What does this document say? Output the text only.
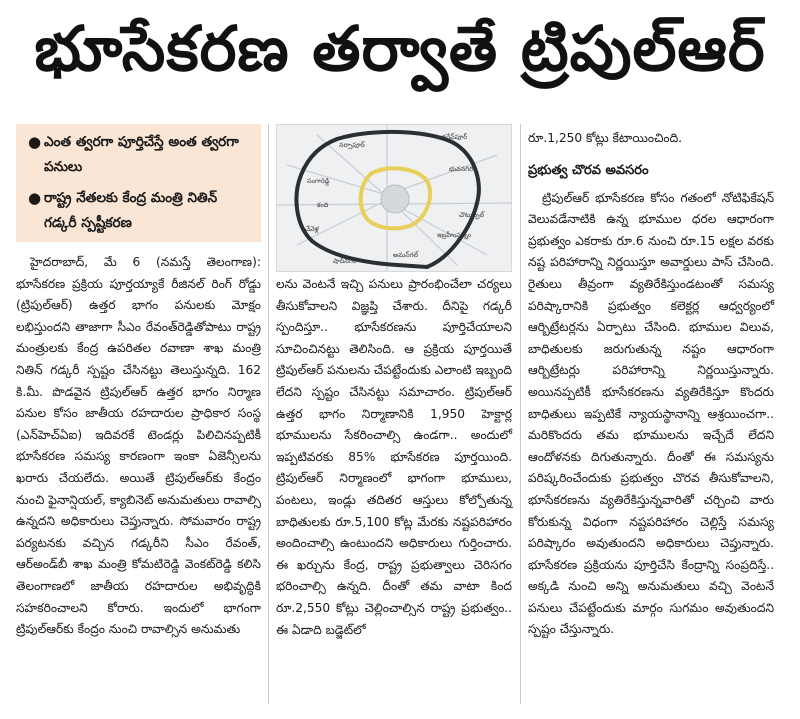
భూసేకరణ తర్వాతే ట్రిపుల్‌ఆర్‌
● ఎంత త్వరగా పూర్తిచేస్తే అంత త్వరగా పనులు
● రాష్ట్ర నేతలకు కేంద్ర మంత్రి నితిన్‌ గడ్కరీ స్పష్టీకరణ
నర్సాపూర్‌
జగదేవ్‌పూర్‌
భువనగిరి
చౌటుప్పల్‌
ఇబ్రహీంపట్నం
సంగారెడ్డి
చేవెళ్ల
కంది
షాద్‌నగర్‌
అమన్‌గల్‌

హైదరాబాద్‌, మే 6 (నమస్తే తెలంగాణ): భూసేకరణ ప్రక్రియ పూర్తయ్యాకే రీజినల్‌ రింగ్‌ రోడ్డు (ట్రిపుల్‌ఆర్‌) ఉత్తర భాగం పనులకు మోక్షం లభిస్తుందని తాజాగా సీఎం రేవంత్‌రెడ్డితోపాటు రాష్ట్ర మంత్రులకు కేంద్ర ఉపరితల రవాణా శాఖ మంత్రి నితిన్‌ గడ్కరీ స్పష్టం చేసినట్టు తెలుస్తున్నది. 162 కి.మీ. పొడవైన ట్రిపుల్‌ఆర్‌ ఉత్తర భాగం నిర్మాణ పనుల కోసం జాతీయ రహదారుల ప్రాధికార సంస్థ (ఎన్‌హెచ్‌ఏఐ) ఇదివరకే టెండర్లు పిలిచినప్పటికీ భూసేకరణ సమస్య కారణంగా ఇంకా ఏజెన్సీలను ఖరారు చేయలేదు. అయితే ట్రిపుల్‌ఆర్‌కు కేంద్రం నుంచి ఫైనాన్షియల్‌, క్యాబినెట్‌ అనుమతులు రావాల్సి ఉన్నదని అధికారులు చెప్తున్నారు. సోమవారం రాష్ట్ర పర్యటనకు వచ్చిన గడ్కరీని సీఎం రేవంత్‌, ఆర్‌అండ్‌బీ శాఖ మంత్రి కోమటిరెడ్డి వెంకట్‌రెడ్డి కలిసి తెలంగాణలో జాతీయ రహదారుల అభివృద్ధికి సహకరించాలని కోరారు. ఇందులో భాగంగా ట్రిపుల్‌ఆర్‌కు కేంద్రం నుంచి రావాల్సిన అనుమతు

లను వెంటనే ఇచ్చి పనులు ప్రారంభించేలా చర్యలు తీసుకోవాలని విజ్ఞప్తి చేశారు. దీనిపై గడ్కరీ స్పందిస్తూ.. భూసేకరణను పూర్తిచేయాలని సూచించినట్టు తెలిసింది. ఆ ప్రక్రియ పూర్తయితే ట్రిపుల్‌ఆర్‌ పనులను చేపట్టేందుకు ఎలాంటి ఇబ్బంది లేదని స్పష్టం చేసినట్టు సమాచారం. ట్రిపుల్‌ఆర్‌ ఉత్తర భాగం నిర్మాణానికి 1,950 హెక్టార్ల భూములను సేకరించాల్సి ఉండగా.. అందులో ఇప్పటివరకు 85% భూసేకరణ పూర్తయింది. ట్రిపుల్‌ఆర్‌ నిర్మాణంలో భాగంగా భూములు, పంటలు, ఇండ్లు తదితర ఆస్తులు కోల్పోతున్న బాధితులకు రూ.5,100 కోట్ల మేరకు నష్టపరిహారం అందించాల్సి ఉంటుందని అధికారులు గుర్తించారు. ఈ ఖర్చును కేంద్ర, రాష్ట్ర ప్రభుత్వాలు చెరిసగం భరించాల్సి ఉన్నది. దీంతో తమ వాటా కింద రూ.2,550 కోట్లు చెల్లించాల్సిన రాష్ట్ర ప్రభుత్వం.. ఈ ఏడాది బడ్జెట్‌లో

రూ.1,250 కోట్లు కేటాయించింది.

ప్రభుత్వ చొరవ అవసరం

ట్రిపుల్‌ఆర్‌ భూసేకరణ కోసం గతంలో నోటిఫికేషన్‌ వెలువడేనాటికి ఉన్న భూముల ధరల ఆధారంగా ప్రభుత్వం ఎకరాకు రూ.6 నుంచి రూ.15 లక్షల వరకు నష్ట పరిహారాన్ని నిర్ణయిస్తూ అవార్డులు పాస్‌ చేసింది. రైతులు తీవ్రంగా వ్యతిరేకిస్తుండటంతో సమస్య పరిష్కారానికి ప్రభుత్వం కలెక్టర్ల ఆధ్వర్యంలో ఆర్బిట్రేటర్లను ఏర్పాటు చేసింది. భూముల విలువ, బాధితులకు జరుగుతున్న నష్టం ఆధారంగా ఆర్బిట్రేటర్లు పరిహారాన్ని నిర్ణయిస్తున్నారు. అయినప్పటికీ భూసేకరణను వ్యతిరేకిస్తూ కొందరు బాధితులు ఇప్పటికే న్యాయస్థానాన్ని ఆశ్రయించగా.. మరికొందరు తమ భూములను ఇచ్చేదే లేదని ఆందోళనకు దిగుతున్నారు. దీంతో ఈ సమస్యను పరిష్కరించేందుకు ప్రభుత్వం చొరవ తీసుకోవాలని, భూసేకరణను వ్యతిరేకిస్తున్నవారితో చర్చించి వారు కోరుకున్న విధంగా నష్టపరిహారం చెల్లిస్తే సమస్య పరిష్కారం అవుతుందని అధికారులు చెప్తున్నారు. భూసేకరణ ప్రక్రియను పూర్తిచేసి కేంద్రాన్ని సంప్రదిస్తే.. అక్కడి నుంచి అన్ని అనుమతులు వచ్చి వెంటనే పనులు చేపట్టేందుకు మార్గం సుగమం అవుతుందని స్పష్టం చేస్తున్నారు.
